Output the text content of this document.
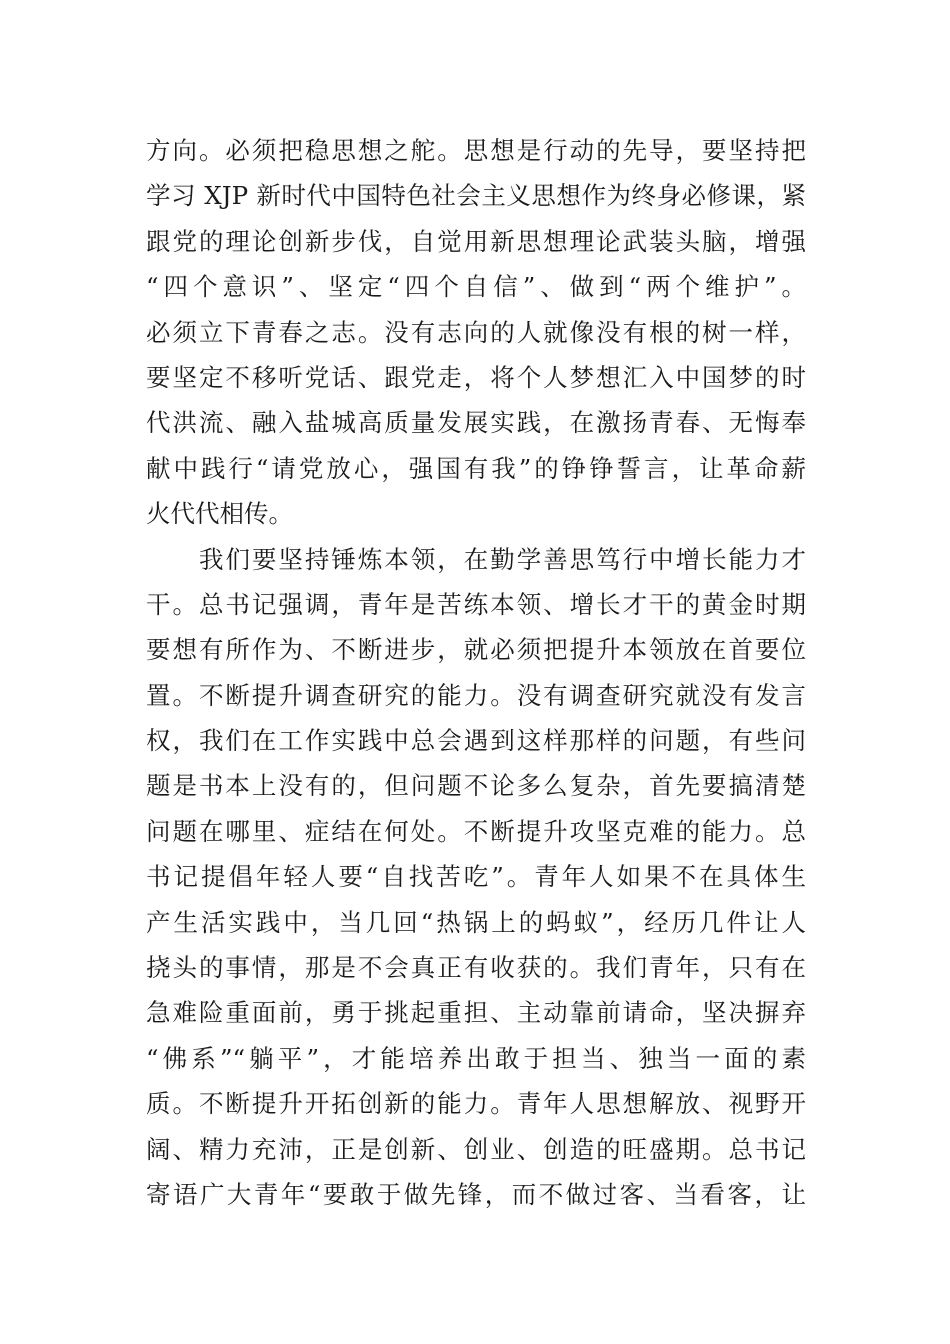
方向。必须把稳思想之舵。思想是行动的先导，要坚持把
学习 XJP 新时代中国特色社会主义思想作为终身必修课，紧
跟党的理论创新步伐，自觉用新思想理论武装头脑，增强
“四个意识”、坚定“四个自信”、做到“两个维护”。
必须立下青春之志。没有志向的人就像没有根的树一样，
要坚定不移听党话、跟党走，将个人梦想汇入中国梦的时
代洪流、融入盐城高质量发展实践，在激扬青春、无悔奉
献中践行“请党放心，强国有我”的铮铮誓言，让革命薪
火代代相传。
我们要坚持锤炼本领，在勤学善思笃行中增长能力才
干。总书记强调，青年是苦练本领、增长才干的黄金时期
要想有所作为、不断进步，就必须把提升本领放在首要位
置。不断提升调查研究的能力。没有调查研究就没有发言
权，我们在工作实践中总会遇到这样那样的问题，有些问
题是书本上没有的，但问题不论多么复杂，首先要搞清楚
问题在哪里、症结在何处。不断提升攻坚克难的能力。总
书记提倡年轻人要“自找苦吃”。青年人如果不在具体生
产生活实践中，当几回“热锅上的蚂蚁”，经历几件让人
挠头的事情，那是不会真正有收获的。我们青年，只有在
急难险重面前，勇于挑起重担、主动靠前请命，坚决摒弃
“佛系”“躺平”，才能培养出敢于担当、独当一面的素
质。不断提升开拓创新的能力。青年人思想解放、视野开
阔、精力充沛，正是创新、创业、创造的旺盛期。总书记
寄语广大青年“要敢于做先锋，而不做过客、当看客，让
